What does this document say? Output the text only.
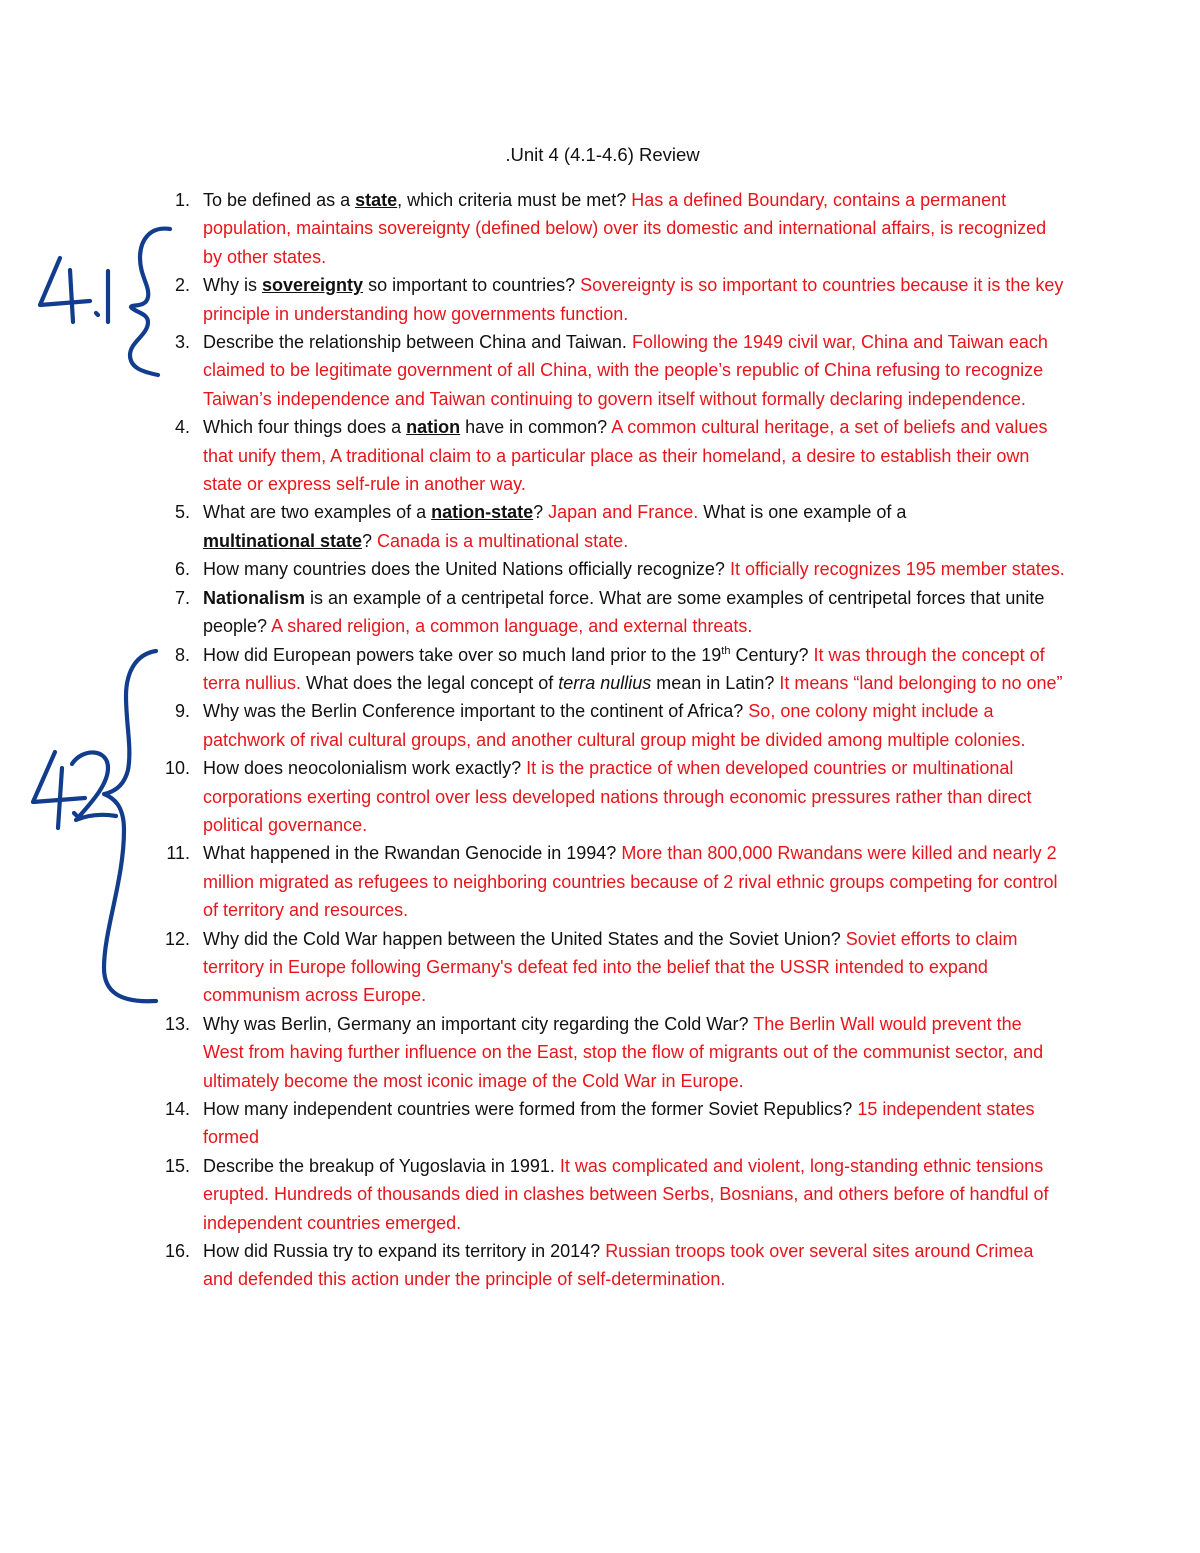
.Unit 4 (4.1-4.6) Review
1. To be defined as a state, which criteria must be met? Has a defined Boundary, contains a permanent population, maintains sovereignty (defined below) over its domestic and international affairs, is recognized by other states.
2. Why is sovereignty so important to countries? Sovereignty is so important to countries because it is the key principle in understanding how governments function.
3. Describe the relationship between China and Taiwan. Following the 1949 civil war, China and Taiwan each claimed to be legitimate government of all China, with the people’s republic of China refusing to recognize Taiwan’s independence and Taiwan continuing to govern itself without formally declaring independence.
4. Which four things does a nation have in common? A common cultural heritage, a set of beliefs and values that unify them, A traditional claim to a particular place as their homeland, a desire to establish their own state or express self-rule in another way.
5. What are two examples of a nation-state? Japan and France. What is one example of a
multinational state? Canada is a multinational state.
6. How many countries does the United Nations officially recognize? It officially recognizes 195 member states.
7. Nationalism is an example of a centripetal force. What are some examples of centripetal forces that unite people? A shared religion, a common language, and external threats.
8. How did European powers take over so much land prior to the 19th Century? It was through the concept of terra nullius. What does the legal concept of terra nullius mean in Latin? It means “land belonging to no one”
9. Why was the Berlin Conference important to the continent of Africa? So, one colony might include a patchwork of rival cultural groups, and another cultural group might be divided among multiple colonies.
10. How does neocolonialism work exactly? It is the practice of when developed countries or multinational corporations exerting control over less developed nations through economic pressures rather than direct political governance.
11. What happened in the Rwandan Genocide in 1994? More than 800,000 Rwandans were killed and nearly 2 million migrated as refugees to neighboring countries because of 2 rival ethnic groups competing for control of territory and resources.
12. Why did the Cold War happen between the United States and the Soviet Union? Soviet efforts to claim territory in Europe following Germany's defeat fed into the belief that the USSR intended to expand communism across Europe.
13. Why was Berlin, Germany an important city regarding the Cold War? The Berlin Wall would prevent the West from having further influence on the East, stop the flow of migrants out of the communist sector, and ultimately become the most iconic image of the Cold War in Europe.
14. How many independent countries were formed from the former Soviet Republics? 15 independent states formed
15. Describe the breakup of Yugoslavia in 1991. It was complicated and violent, long-standing ethnic tensions erupted. Hundreds of thousands died in clashes between Serbs, Bosnians, and others before of handful of independent countries emerged.
16. How did Russia try to expand its territory in 2014? Russian troops took over several sites around Crimea and defended this action under the principle of self-determination.
